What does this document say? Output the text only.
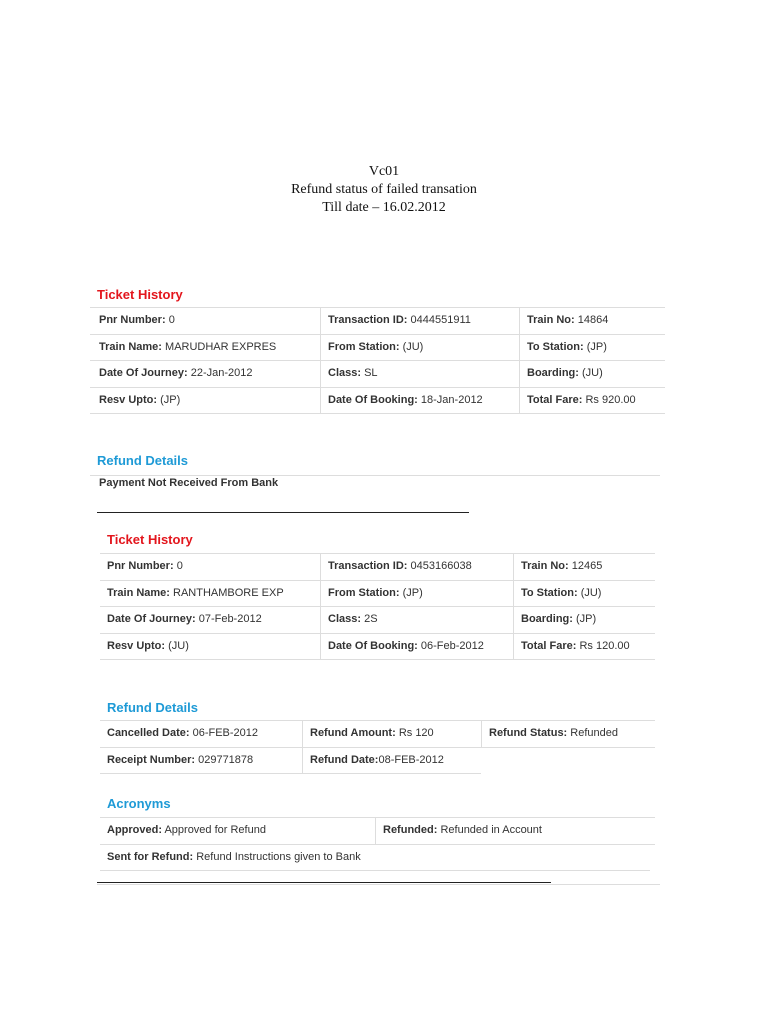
Vc01
Refund status of failed transation
Till date – 16.02.2012
Ticket History
Pnr Number: 0	Transaction ID: 0444551911	Train No: 14864
Train Name: MARUDHAR EXPRES	From Station: (JU)	To Station: (JP)
Date Of Journey: 22-Jan-2012	Class: SL	Boarding: (JU)
Resv Upto: (JP)	Date Of Booking: 18-Jan-2012	Total Fare: Rs 920.00
Refund Details
Payment Not Received From Bank
Ticket History
Pnr Number: 0	Transaction ID: 0453166038	Train No: 12465
Train Name: RANTHAMBORE EXP	From Station: (JP)	To Station: (JU)
Date Of Journey: 07-Feb-2012	Class: 2S	Boarding: (JP)
Resv Upto: (JU)	Date Of Booking: 06-Feb-2012	Total Fare: Rs 120.00
Refund Details
Cancelled Date: 06-FEB-2012	Refund Amount: Rs 120	Refund Status: Refunded
Receipt Number: 029771878	Refund Date:08-FEB-2012
Acronyms
Approved: Approved for Refund	Refunded: Refunded in Account
Sent for Refund: Refund Instructions given to Bank
